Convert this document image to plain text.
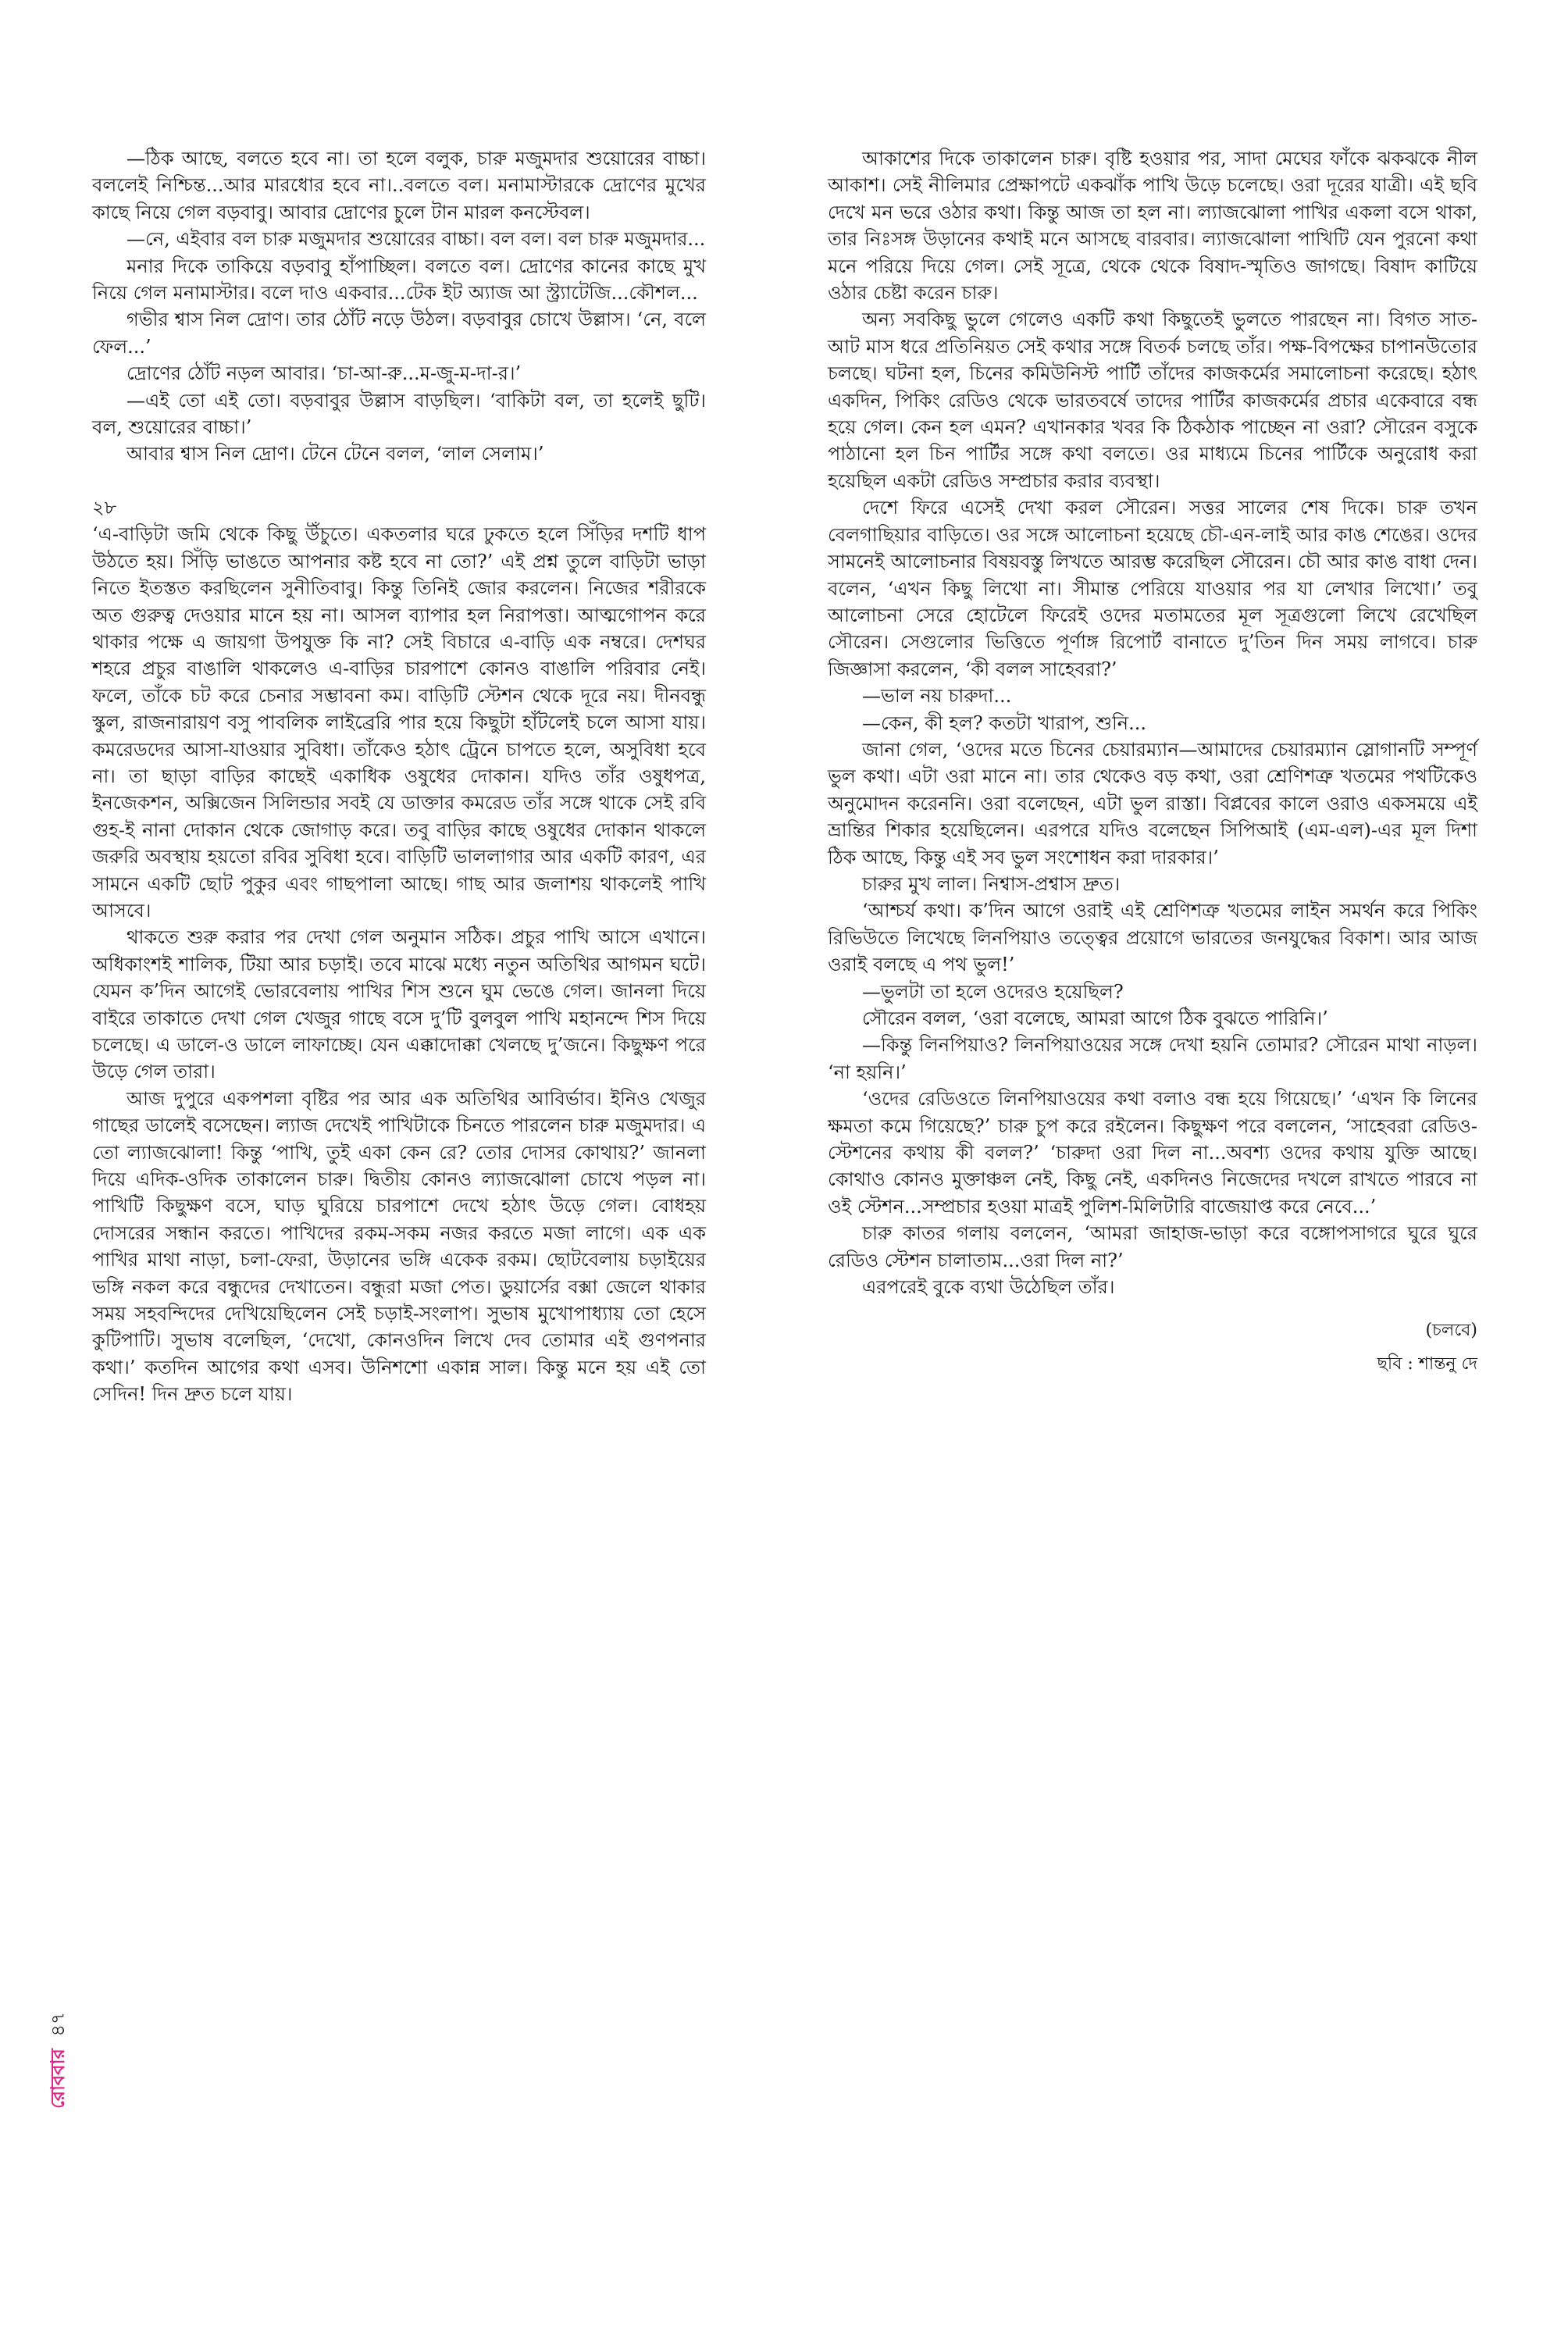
—ঠিক আছে, বলতে হবে না। তা হলে বলুক, চারু মজুমদার শুয়োরের বাচ্চা। বললেই নিশ্চিন্ত...আর মারধোর হবে না।..বলতে বল। মনামাস্টারকে দ্রোণের মুখের কাছে নিয়ে গেল বড়বাবু। আবার দ্রোণের চুলে টান মারল কনস্টেবল।

—নে, এইবার বল চারু মজুমদার শুয়োরের বাচ্চা। বল বল। বল চারু মজুমদার...

মনার দিকে তাকিয়ে বড়বাবু হাঁপাচ্ছিল। বলতে বল। দ্রোণের কানের কাছে মুখ নিয়ে গেল মনামাস্টার। বলে দাও একবার...টেক ইট অ্যাজ আ স্ট্র্যাটেজি...কৌশল...

গভীর শ্বাস নিল দ্রোণ। তার ঠোঁট নড়ে উঠল। বড়বাবুর চোখে উল্লাস। ‘নে, বলে ফেল...’

দ্রোণের ঠোঁট নড়ল আবার। ‘চা-আ-রু...ম-জু-ম-দা-র।’

—এই তো এই তো। বড়বাবুর উল্লাস বাড়ছিল। ‘বাকিটা বল, তা হলেই ছুটি। বল, শুয়োরের বাচ্চা।’

আবার শ্বাস নিল দ্রোণ। টেনে টেনে বলল, ‘লাল সেলাম।’

২৮

‘এ-বাড়িটা জমি থেকে কিছু উঁচুতে। একতলার ঘরে ঢুকতে হলে সিঁড়ির দশটি ধাপ উঠতে হয়। সিঁড়ি ভাঙতে আপনার কষ্ট হবে না তো?’ এই প্রশ্ন তুলে বাড়িটা ভাড়া নিতে ইতস্তত করছিলেন সুনীতিবাবু। কিন্তু তিনিই জোর করলেন। নিজের শরীরকে অত গুরুত্ব দেওয়ার মানে হয় না। আসল ব্যাপার হল নিরাপত্তা। আত্মগোপন করে থাকার পক্ষে এ জায়গা উপযুক্ত কি না? সেই বিচারে এ-বাড়ি এক নম্বরে। দেশঘর শহরে প্রচুর বাঙালি থাকলেও এ-বাড়ির চারপাশে কোনও বাঙালি পরিবার নেই। ফলে, তাঁকে চট করে চেনার সম্ভাবনা কম। বাড়িটি স্টেশন থেকে দূরে নয়। দীনবন্ধু স্কুল, রাজনারায়ণ বসু পাবলিক লাইব্রেরি পার হয়ে কিছুটা হাঁটলেই চলে আসা যায়। কমরেডদের আসা-যাওয়ার সুবিধা। তাঁকেও হঠাৎ ট্রেনে চাপতে হলে, অসুবিধা হবে না। তা ছাড়া বাড়ির কাছেই একাধিক ওষুধের দোকান। যদিও তাঁর ওষুধপত্র, ইনজেকশন, অক্সিজেন সিলিন্ডার সবই যে ডাক্তার কমরেড তাঁর সঙ্গে থাকে সেই রবি গুহ-ই নানা দোকান থেকে জোগাড় করে। তবু বাড়ির কাছে ওষুধের দোকান থাকলে জরুরি অবস্থায় হয়তো রবির সুবিধা হবে। বাড়িটি ভাললাগার আর একটি কারণ, এর সামনে একটি ছোট পুকুর এবং গাছপালা আছে। গাছ আর জলাশয় থাকলেই পাখি আসবে।

থাকতে শুরু করার পর দেখা গেল অনুমান সঠিক। প্রচুর পাখি আসে এখানে। অধিকাংশই শালিক, টিয়া আর চড়াই। তবে মাঝে মধ্যে নতুন অতিথির আগমন ঘটে। যেমন ক’দিন আগেই ভোরবেলায় পাখির শিস শুনে ঘুম ভেঙে গেল। জানলা দিয়ে বাইরে তাকাতে দেখা গেল খেজুর গাছে বসে দু’টি বুলবুল পাখি মহানন্দে শিস দিয়ে চলেছে। এ ডালে-ও ডালে লাফাচ্ছে। যেন এক্কাদোক্কা খেলছে দু’জনে। কিছুক্ষণ পরে উড়ে গেল তারা।

আজ দুপুরে একপশলা বৃষ্টির পর আর এক অতিথির আবির্ভাব। ইনিও খেজুর গাছের ডালেই বসেছেন। ল্যাজ দেখেই পাখিটাকে চিনতে পারলেন চারু মজুমদার। এ তো ল্যাজঝোলা! কিন্তু ‘পাখি, তুই একা কেন রে? তোর দোসর কোথায়?’ জানলা দিয়ে এদিক-ওদিক তাকালেন চারু। দ্বিতীয় কোনও ল্যাজঝোলা চোখে পড়ল না। পাখিটি কিছুক্ষণ বসে, ঘাড় ঘুরিয়ে চারপাশে দেখে হঠাৎ উড়ে গেল। বোধহয় দোসরের সন্ধান করতে। পাখিদের রকম-সকম নজর করতে মজা লাগে। এক এক পাখির মাথা নাড়া, চলা-ফেরা, উড়ানের ভঙ্গি একেক রকম। ছোটবেলায় চড়াইয়ের ভঙ্গি নকল করে বন্ধুদের দেখাতেন। বন্ধুরা মজা পেত। ডুয়ার্সের বক্সা জেলে থাকার সময় সহবন্দিদের দেখিয়েছিলেন সেই চড়াই-সংলাপ। সুভাষ মুখোপাধ্যায় তো হেসে কুটিপাটি। সুভাষ বলেছিল, ‘দেখো, কোনওদিন লিখে দেব তোমার এই গুণপনার কথা।’ কতদিন আগের কথা এসব। উনিশশো একান্ন সাল। কিন্তু মনে হয় এই তো সেদিন! দিন দ্রুত চলে যায়।

আকাশের দিকে তাকালেন চারু। বৃষ্টি হওয়ার পর, সাদা মেঘের ফাঁকে ঝকঝকে নীল আকাশ। সেই নীলিমার প্রেক্ষাপটে একঝাঁক পাখি উড়ে চলেছে। ওরা দূরের যাত্রী। এই ছবি দেখে মন ভরে ওঠার কথা। কিন্তু আজ তা হল না। ল্যাজঝোলা পাখির একলা বসে থাকা, তার নিঃসঙ্গ উড়ানের কথাই মনে আসছে বারবার। ল্যাজঝোলা পাখিটি যেন পুরনো কথা মনে পরিয়ে দিয়ে গেল। সেই সূত্রে, থেকে থেকে বিষাদ-স্মৃতিও জাগছে। বিষাদ কাটিয়ে ওঠার চেষ্টা করেন চারু।

অন্য সবকিছু ভুলে গেলেও একটি কথা কিছুতেই ভুলতে পারছেন না। বিগত সাত-আট মাস ধরে প্রতিনিয়ত সেই কথার সঙ্গে বিতর্ক চলছে তাঁর। পক্ষ-বিপক্ষের চাপানউতোর চলছে। ঘটনা হল, চিনের কমিউনিস্ট পার্টি তাঁদের কাজকর্মের সমালোচনা করেছে। হঠাৎ একদিন, পিকিং রেডিও থেকে ভারতবর্ষে তাদের পার্টির কাজকর্মের প্রচার একেবারে বন্ধ হয়ে গেল। কেন হল এমন? এখানকার খবর কি ঠিকঠাক পাচ্ছেন না ওরা? সৌরেন বসুকে পাঠানো হল চিন পার্টির সঙ্গে কথা বলতে। ওর মাধ্যমে চিনের পার্টিকে অনুরোধ করা হয়েছিল একটা রেডিও সম্প্রচার করার ব্যবস্থা।

দেশে ফিরে এসেই দেখা করল সৌরেন। সত্তর সালের শেষ দিকে। চারু তখন বেলগাছিয়ার বাড়িতে। ওর সঙ্গে আলোচনা হয়েছে চৌ-এন-লাই আর কাঙ শেঙের। ওদের সামনেই আলোচনার বিষয়বস্তু লিখতে আরম্ভ করেছিল সৌরেন। চৌ আর কাঙ বাধা দেন। বলেন, ‘এখন কিছু লিখো না। সীমান্ত পেরিয়ে যাওয়ার পর যা লেখার লিখো।’ তবু আলোচনা সেরে হোটেলে ফিরেই ওদের মতামতের মূল সূত্রগুলো লিখে রেখেছিল সৌরেন। সেগুলোর ভিত্তিতে পূর্ণাঙ্গ রিপোর্ট বানাতে দু’তিন দিন সময় লাগবে। চারু জিজ্ঞাসা করলেন, ‘কী বলল সাহেবরা?’

—ভাল নয় চারুদা...

—কেন, কী হল? কতটা খারাপ, শুনি...

জানা গেল, ‘ওদের মতে চিনের চেয়ারম্যান—আমাদের চেয়ারম্যান স্লোগানটি সম্পূর্ণ ভুল কথা। এটা ওরা মানে না। তার থেকেও বড় কথা, ওরা শ্রেণিশত্রু খতমের পথটিকেও অনুমোদন করেননি। ওরা বলেছেন, এটা ভুল রাস্তা। বিপ্লবের কালে ওরাও একসময়ে এই ভ্রান্তির শিকার হয়েছিলেন। এরপরে যদিও বলেছেন সিপিআই (এম-এল)-এর মূল দিশা ঠিক আছে, কিন্তু এই সব ভুল সংশোধন করা দারকার।’

চারুর মুখ লাল। নিশ্বাস-প্রশ্বাস দ্রুত।

‘আশ্চর্য কথা। ক’দিন আগে ওরাই এই শ্রেণিশত্রু খতমের লাইন সমর্থন করে পিকিং রিভিউতে লিখেছে লিনপিয়াও তত্ত্বের প্রয়োগে ভারতের জনযুদ্ধের বিকাশ। আর আজ ওরাই বলছে এ পথ ভুল!’

—ভুলটা তা হলে ওদেরও হয়েছিল?

সৌরেন বলল, ‘ওরা বলেছে, আমরা আগে ঠিক বুঝতে পারিনি।’

—কিন্তু লিনপিয়াও? লিনপিয়াওয়ের সঙ্গে দেখা হয়নি তোমার? সৌরেন মাথা নাড়ল। ‘না হয়নি।’

‘ওদের রেডিওতে লিনপিয়াওয়ের কথা বলাও বন্ধ হয়ে গিয়েছে।’ ‘এখন কি লিনের ক্ষমতা কমে গিয়েছে?’ চারু চুপ করে রইলেন। কিছুক্ষণ পরে বললেন, ‘সাহেবরা রেডিও-স্টেশনের কথায় কী বলল?’ ‘চারুদা ওরা দিল না...অবশ্য ওদের কথায় যুক্তি আছে। কোথাও কোনও মুক্তাঞ্চল নেই, কিছু নেই, একদিনও নিজেদের দখলে রাখতে পারবে না ওই স্টেশন...সম্প্রচার হওয়া মাত্রই পুলিশ-মিলিটারি বাজেয়াপ্ত করে নেবে...’

চারু কাতর গলায় বললেন, ‘আমরা জাহাজ-ভাড়া করে বঙ্গোপসাগরে ঘুরে ঘুরে রেডিও স্টেশন চালাতাম...ওরা দিল না?’

এরপরেই বুকে ব্যথা উঠেছিল তাঁর।

(চলবে)
ছবি : শান্তনু দে
রোববার ৪৭
